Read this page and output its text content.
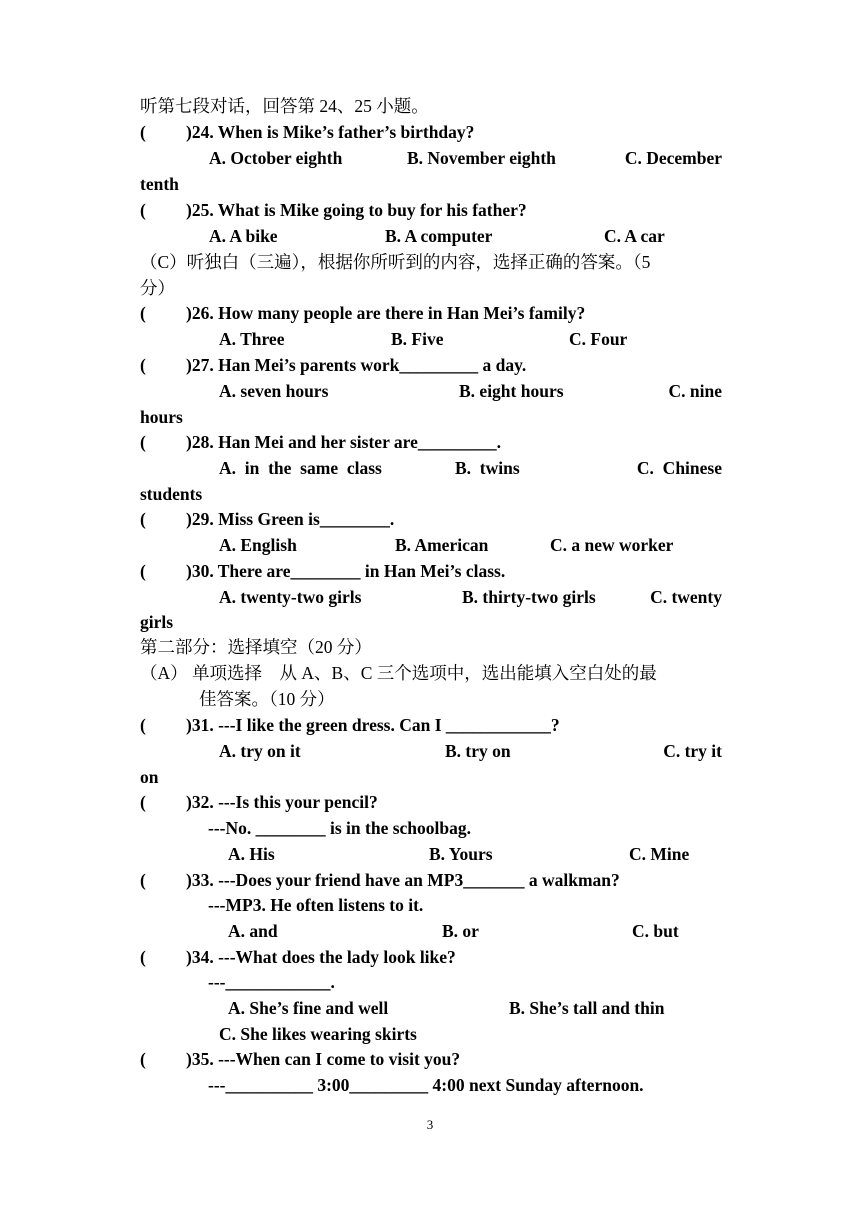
听第七段对话，回答第 24、25 小题。
( )24. When is Mike’s father’s birthday?
A. October eighth	B. November eighth	C. December
tenth
( )25. What is Mike going to buy for his father?
A. A bike	B. A computer	C. A car
（C）听独白（三遍），根据你所听到的内容，选择正确的答案。（5
分）
( )26. How many people are there in Han Mei’s family?
A. Three	B. Five	C. Four
( )27. Han Mei’s parents work_________ a day.
A. seven hours	B. eight hours	C. nine
hours
( )28. Han Mei and her sister are_________.
A.  in  the  same  class	B.  twins	C.  Chinese
students
( )29. Miss Green is________.
A. English	B. American	C. a new worker
( )30. There are________ in Han Mei’s class.
A. twenty-two girls	B. thirty-two girls	C. twenty
girls
第二部分：选择填空（20 分）
（A） 单项选择　从 A、B、C 三个选项中，选出能填入空白处的最
佳答案。（10 分）
( )31. ---I like the green dress. Can I ____________?
A. try on it	B. try on	C. try it
on
( )32. ---Is this your pencil?
---No. ________ is in the schoolbag.
A. His	B. Yours	C. Mine
( )33. ---Does your friend have an MP3_______ a walkman?
---MP3. He often listens to it.
A. and	B. or	C. but
( )34. ---What does the lady look like?
---____________.
A. She’s fine and well	B. She’s tall and thin
C. She likes wearing skirts
( )35. ---When can I come to visit you?
---__________ 3:00_________ 4:00 next Sunday afternoon.
3
